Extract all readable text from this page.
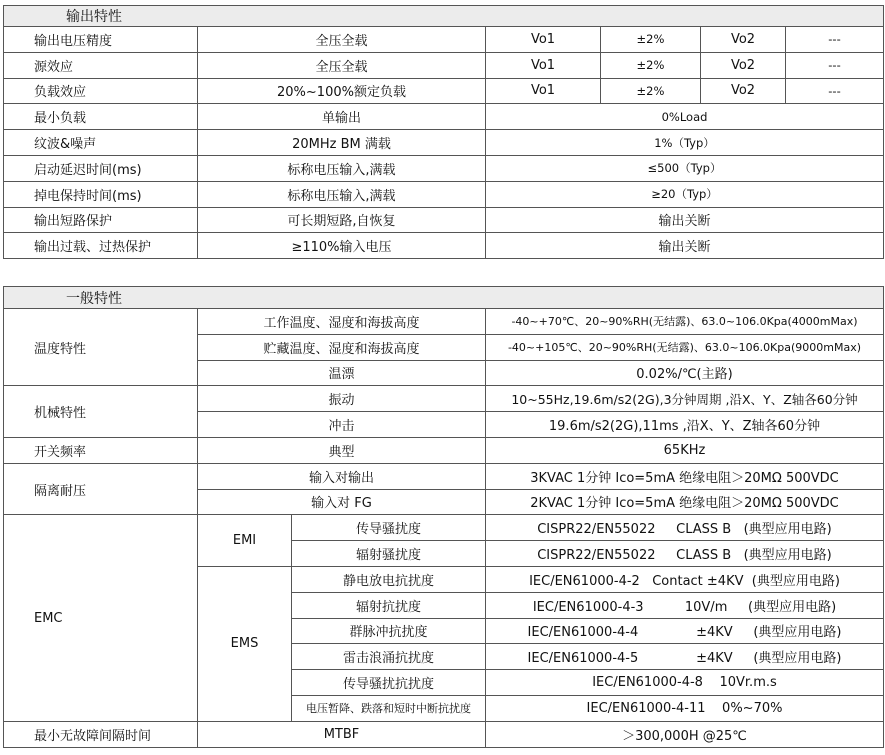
输出特性					
输出电压精度	全压全载	Vo1	±2%	Vo2	---
源效应	全压全载	Vo1	±2%	Vo2	---
负载效应	20%~100%额定负载	Vo1	±2%	Vo2	---
最小负载	单输出	0%Load			
纹波&噪声	20MHz BM 满载	1%（Typ）			
启动延迟时间(ms)	标称电压输入,满载	≤500（Typ）			
掉电保持时间(ms)	标称电压输入,满载	≥20（Typ）			
输出短路保护	可长期短路,自恢复	输出关断			
输出过载、过热保护	≥110%输入电压	输出关断			
一般特性			
温度特性	工作温度、湿度和海拔高度		-40~+70℃、20~90%RH(无结露)、63.0~106.0Kpa(4000mMax)
	贮藏温度、湿度和海拔高度		-40~+105℃、20~90%RH(无结露)、63.0~106.0Kpa(9000mMax)
	温漂		0.02%/℃(主路)
机械特性	振动		10~55Hz,19.6m/s2(2G),3分钟周期 ,沿X、Y、Z轴各60分钟
	冲击		19.6m/s2(2G),11ms ,沿X、Y、Z轴各60分钟
开关频率	典型		65KHz
隔离耐压	输入对输出		3KVAC 1分钟 Ico=5mA 绝缘电阻＞20MΩ 500VDC
	输入对 FG		2KVAC 1分钟 Ico=5mA 绝缘电阻＞20MΩ 500VDC
EMC	EMI	传导骚扰度	CISPR22/EN55022     CLASS B   (典型应用电路)
		辐射骚扰度	CISPR22/EN55022     CLASS B   (典型应用电路)
	EMS	静电放电抗扰度	IEC/EN61000-4-2   Contact ±4KV  (典型应用电路)
		辐射抗扰度	IEC/EN61000-4-3          10V/m     (典型应用电路)
		群脉冲抗扰度	IEC/EN61000-4-4              ±4KV     (典型应用电路)
		雷击浪涌抗扰度	IEC/EN61000-4-5              ±4KV     (典型应用电路)
		传导骚扰抗扰度	IEC/EN61000-4-8    10Vr.m.s
		电压暂降、跌落和短时中断抗扰度	IEC/EN61000-4-11    0%~70%
最小无故障间隔时间	MTBF		＞300,000H @25℃
